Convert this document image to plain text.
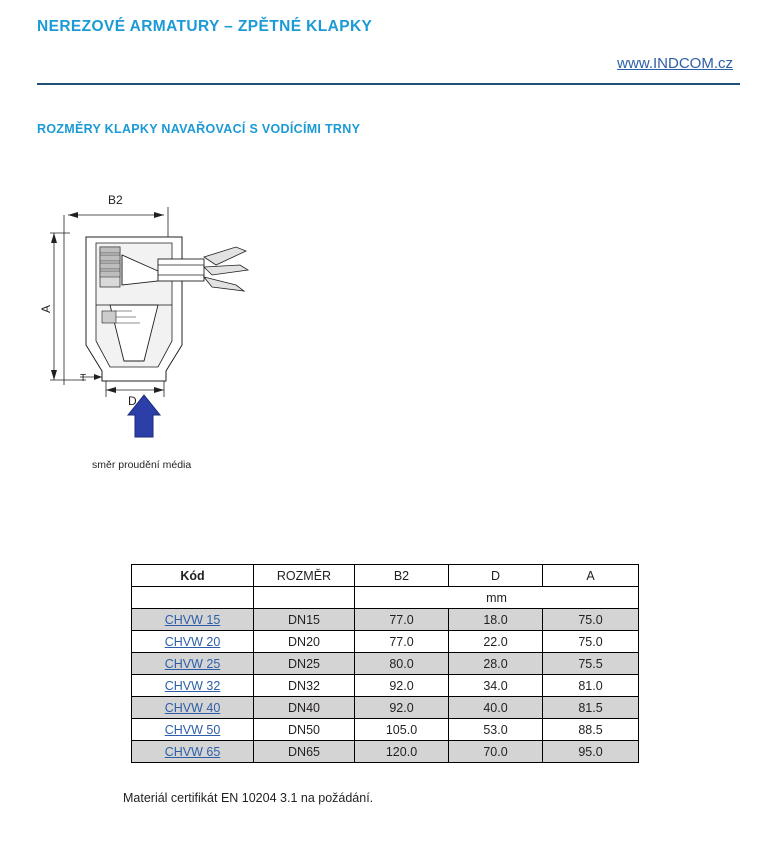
NEREZOVÉ ARMATURY – ZPĚTNÉ KLAPKY
www.INDCOM.cz
ROZMĚRY KLAPKY NAVAŘOVACÍ S VODÍCÍMI TRNY
B2
A
D
T
směr proudění média
Kód	ROZMĚR	B2	D	A
		mm		
CHVW 15	DN15	77.0	18.0	75.0
CHVW 20	DN20	77.0	22.0	75.0
CHVW 25	DN25	80.0	28.0	75.5
CHVW 32	DN32	92.0	34.0	81.0
CHVW 40	DN40	92.0	40.0	81.5
CHVW 50	DN50	105.0	53.0	88.5
CHVW 65	DN65	120.0	70.0	95.0
Materiál certifikát EN 10204 3.1 na požádání.
